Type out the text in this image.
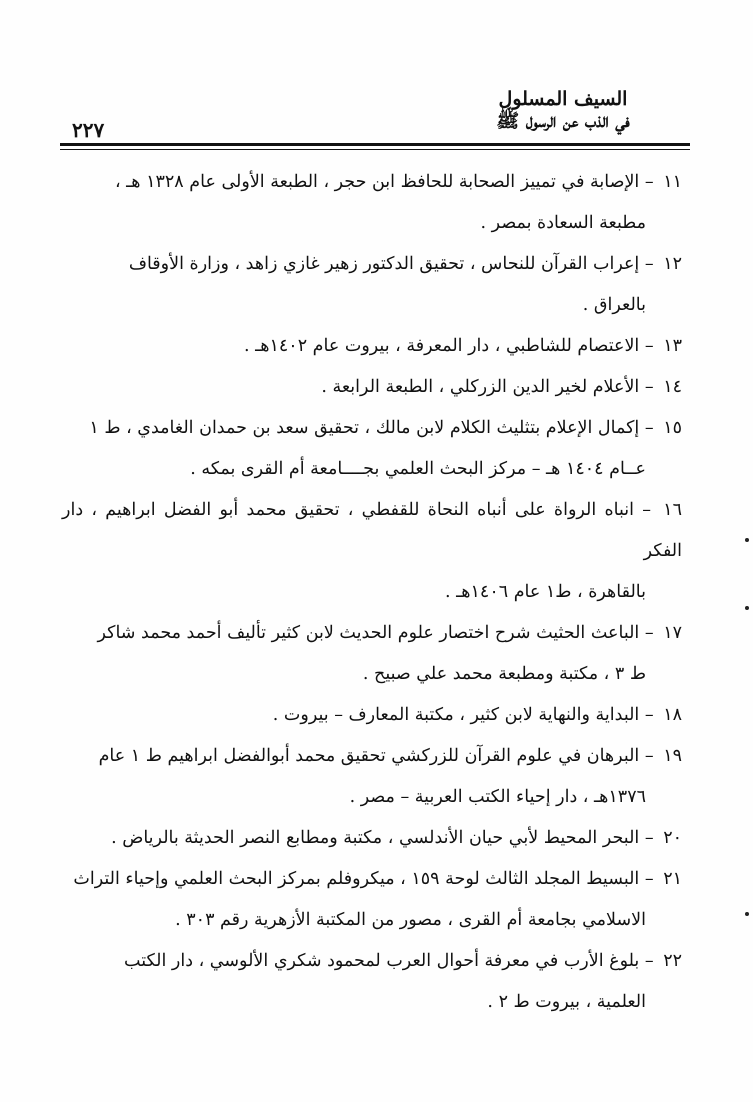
السيف المسلول
في الذب عن الرسول ﷺ
٢٢٧

١١ – الإصابة في تمييز الصحابة للحافظ ابن حجر ، الطبعة الأولى عام ١٣٢٨ هـ ،
مطبعة السعادة بمصر .

١٢ – إعراب القرآن للنحاس ، تحقيق الدكتور زهير غازي زاهد ، وزارة الأوقاف
بالعراق .

١٣ – الاعتصام للشاطبي ، دار المعرفة ، بيروت عام ١٤٠٢هـ .

١٤ – الأعلام لخير الدين الزركلي ، الطبعة الرابعة .

١٥ – إكمال الإعلام بتثليث الكلام لابن مالك ، تحقيق سعد بن حمدان الغامدي ، ط ١
عــام ١٤٠٤ هـ – مركز البحث العلمي بجــــامعة أم القرى بمكه .

١٦ – انباه الرواة على أنباه النحاة للقفطي ، تحقيق محمد أبو الفضل ابراهيم ، دار الفكر
بالقاهرة ، ط١ عام ١٤٠٦هـ .

١٧ – الباعث الحثيث شرح اختصار علوم الحديث لابن كثير تأليف أحمد محمد شاكر
ط ٣ ، مكتبة ومطبعة محمد علي صبيح .

١٨ – البداية والنهاية لابن كثير ، مكتبة المعارف – بيروت .

١٩ – البرهان في علوم القرآن للزركشي تحقيق محمد أبوالفضل ابراهيم ط ١ عام
١٣٧٦هـ ، دار إحياء الكتب العربية – مصر .

٢٠ – البحر المحيط لأبي حيان الأندلسي ، مكتبة ومطابع النصر الحديثة بالرياض .

٢١ – البسيط المجلد الثالث لوحة ١٥٩ ، ميكروفلم بمركز البحث العلمي وإحياء التراث
الاسلامي بجامعة أم القرى ، مصور من المكتبة الأزهرية رقم ٣٠٣ .

٢٢ – بلوغ الأرب في معرفة أحوال العرب لمحمود شكري الألوسي ، دار الكتب
العلمية ، بيروت ط ٢ .
